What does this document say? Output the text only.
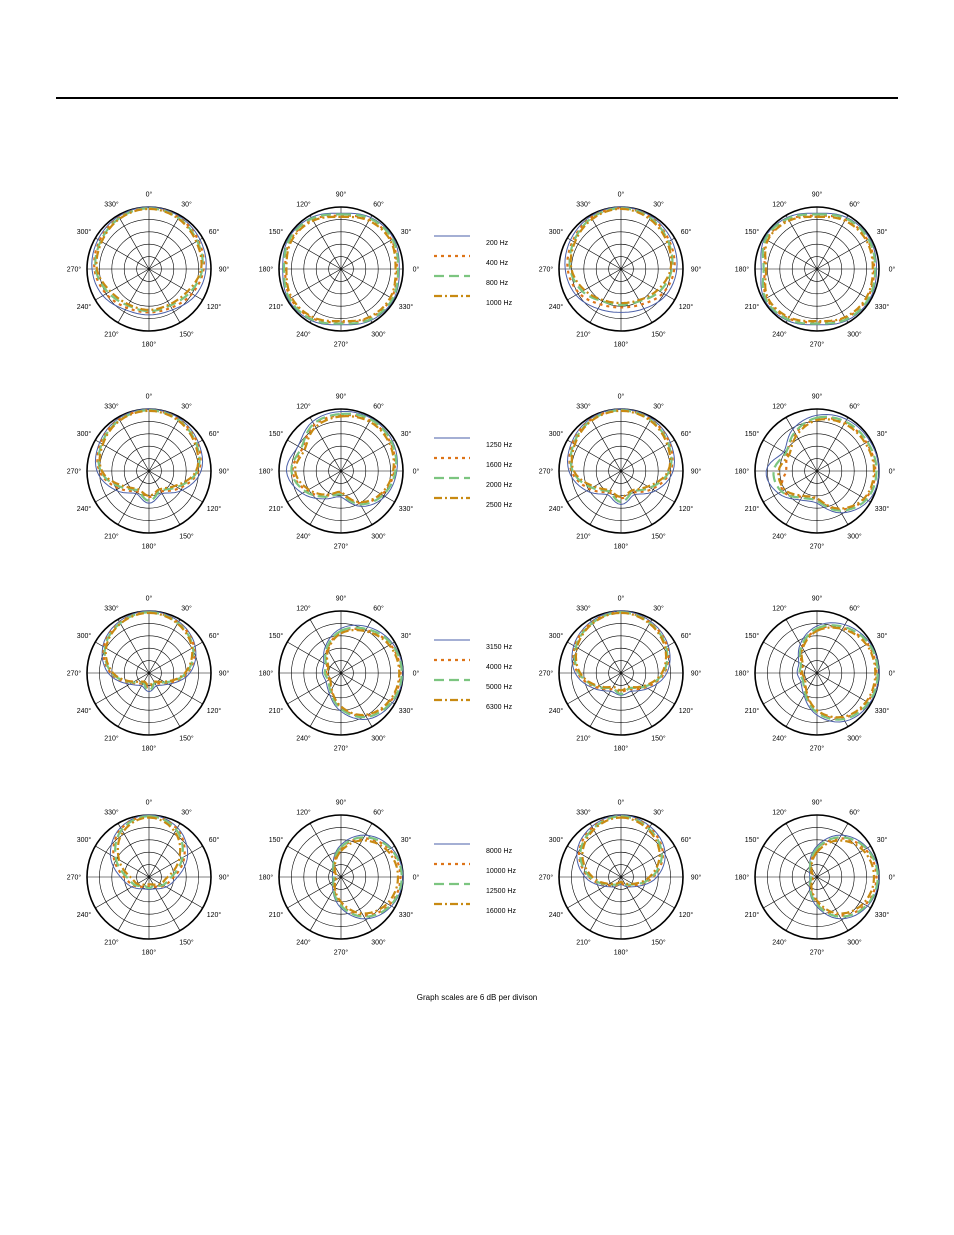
0°
30°
60°
90°
120°
150°
180°
210°
240°
270°
300°
330°
90°
60°
30°
0°
330°
300°
270°
240°
210°
180°
150°
120°
0°
30°
60°
90°
120°
150°
180°
210°
240°
270°
300°
330°
90°
60°
30°
0°
330°
300°
270°
240°
210°
180°
150°
120°
200 Hz
400 Hz
800 Hz
1000 Hz
0°
30°
60°
90°
120°
150°
180°
210°
240°
270°
300°
330°
90°
60°
30°
0°
330°
300°
270°
240°
210°
180°
150°
120°
0°
30°
60°
90°
120°
150°
180°
210°
240°
270°
300°
330°
90°
60°
30°
0°
330°
300°
270°
240°
210°
180°
150°
120°
1250 Hz
1600 Hz
2000 Hz
2500 Hz
0°
30°
60°
90°
120°
150°
180°
210°
240°
270°
300°
330°
90°
60°
30°
0°
330°
300°
270°
240°
210°
180°
150°
120°
0°
30°
60°
90°
120°
150°
180°
210°
240°
270°
300°
330°
90°
60°
30°
0°
330°
300°
270°
240°
210°
180°
150°
120°
3150 Hz
4000 Hz
5000 Hz
6300 Hz
0°
30°
60°
90°
120°
150°
180°
210°
240°
270°
300°
330°
90°
60°
30°
0°
330°
300°
270°
240°
210°
180°
150°
120°
0°
30°
60°
90°
120°
150°
180°
210°
240°
270°
300°
330°
90°
60°
30°
0°
330°
300°
270°
240°
210°
180°
150°
120°
8000 Hz
10000 Hz
12500 Hz
16000 Hz
Graph scales are 6 dB per divison
